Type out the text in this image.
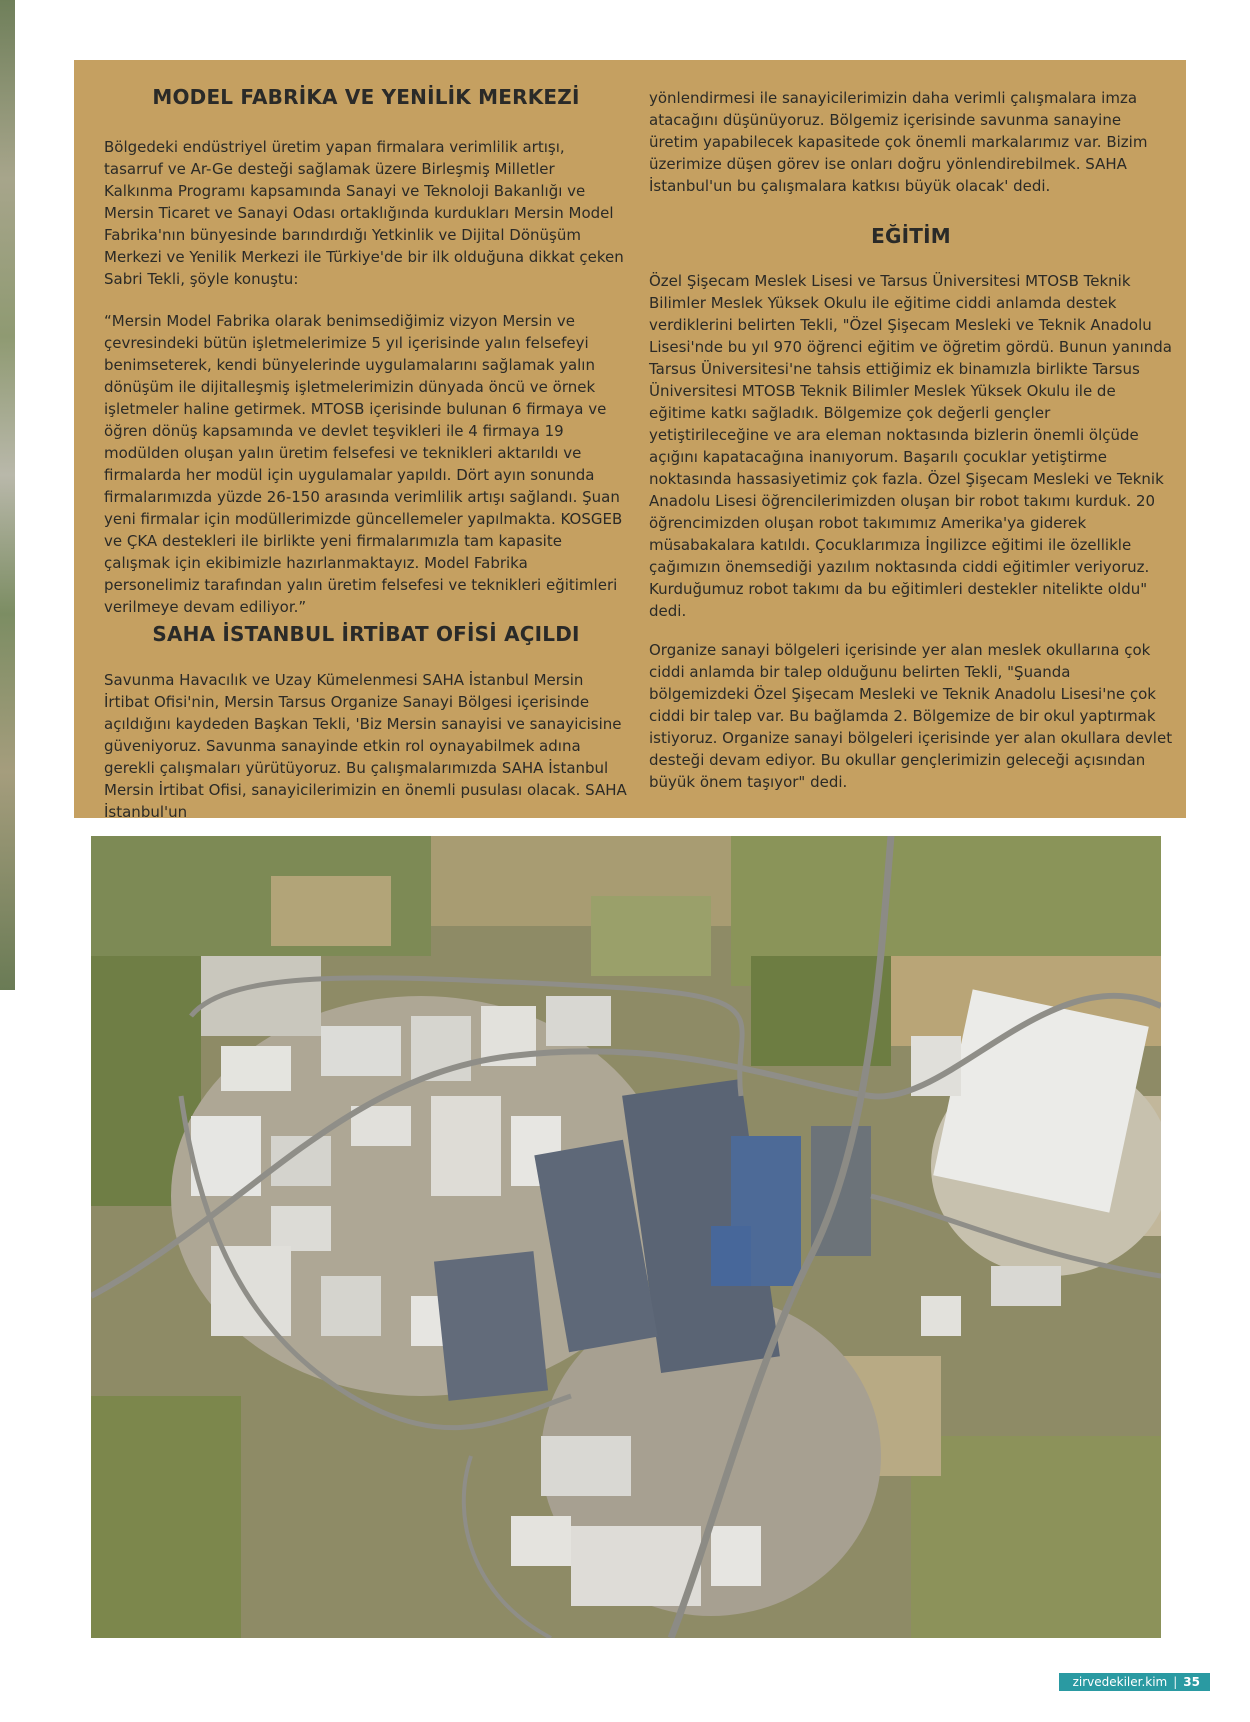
MODEL FABRİKA VE YENİLİK MERKEZİ

Bölgedeki endüstriyel üretim yapan firmalara verimlilik artışı, tasarruf ve Ar-Ge desteği sağlamak üzere Birleşmiş Milletler Kalkınma Programı kapsamında Sanayi ve Teknoloji Bakanlığı ve Mersin Ticaret ve Sanayi Odası ortaklığında kurdukları Mersin Model Fabrika'nın bünyesinde barındırdığı Yetkinlik ve Dijital Dönüşüm Merkezi ve Yenilik Merkezi ile Türkiye'de bir ilk olduğuna dikkat çeken Sabri Tekli, şöyle konuştu:

“Mersin Model Fabrika olarak benimsediğimiz vizyon Mersin ve çevresindeki bütün işletmelerimize 5 yıl içerisinde yalın felsefeyi benimseterek, kendi bünyelerinde uygulamalarını sağlamak yalın dönüşüm ile dijitalleşmiş işletmelerimizin dünyada öncü ve örnek işletmeler haline getirmek. MTOSB içerisinde bulunan 6 firmaya ve öğren dönüş kapsamında ve devlet teşvikleri ile 4 firmaya 19 modülden oluşan yalın üretim felsefesi ve teknikleri aktarıldı ve firmalarda her modül için uygulamalar yapıldı. Dört ayın sonunda firmalarımızda yüzde 26-150 arasında verimlilik artışı sağlandı. Şuan yeni firmalar için modüllerimizde güncellemeler yapılmakta. KOSGEB ve ÇKA destekleri ile birlikte yeni firmalarımızla tam kapasite çalışmak için ekibimizle hazırlanmaktayız. Model Fabrika personelimiz tarafından yalın üretim felsefesi ve teknikleri eğitimleri verilmeye devam ediliyor.”

SAHA İSTANBUL İRTİBAT OFİSİ AÇILDI

Savunma Havacılık ve Uzay Kümelenmesi SAHA İstanbul Mersin İrtibat Ofisi'nin, Mersin Tarsus Organize Sanayi Bölgesi içerisinde açıldığını kaydeden Başkan Tekli, 'Biz Mersin sanayisi ve sanayicisine güveniyoruz. Savunma sanayinde etkin rol oynayabilmek adına gerekli çalışmaları yürütüyoruz. Bu çalışmalarımızda SAHA İstanbul Mersin İrtibat Ofisi, sanayicilerimizin en önemli pusulası olacak. SAHA İstanbul'un

yönlendirmesi ile sanayicilerimizin daha verimli çalışmalara imza atacağını düşünüyoruz. Bölgemiz içerisinde savunma sanayine üretim yapabilecek kapasitede çok önemli markalarımız var. Bizim üzerimize düşen görev ise onları doğru yönlendirebilmek. SAHA İstanbul'un bu çalışmalara katkısı büyük olacak' dedi.

EĞİTİM

Özel Şişecam Meslek Lisesi ve Tarsus Üniversitesi MTOSB Teknik Bilimler Meslek Yüksek Okulu ile eğitime ciddi anlamda destek verdiklerini belirten Tekli, "Özel Şişecam Mesleki ve Teknik Anadolu Lisesi'nde bu yıl 970 öğrenci eğitim ve öğretim gördü. Bunun yanında Tarsus Üniversitesi'ne tahsis ettiğimiz ek binamızla birlikte Tarsus Üniversitesi MTOSB Teknik Bilimler Meslek Yüksek Okulu ile de eğitime katkı sağladık. Bölgemize çok değerli gençler yetiştirileceğine ve ara eleman noktasında bizlerin önemli ölçüde açığını kapatacağına inanıyorum. Başarılı çocuklar yetiştirme noktasında hassasiyetimiz çok fazla. Özel Şişecam Mesleki ve Teknik Anadolu Lisesi öğrencilerimizden oluşan bir robot takımı kurduk. 20 öğrencimizden oluşan robot takımımız Amerika'ya giderek müsabakalara katıldı. Çocuklarımıza İngilizce eğitimi ile özellikle çağımızın önemsediği yazılım noktasında ciddi eğitimler veriyoruz. Kurduğumuz robot takımı da bu eğitimleri destekler nitelikte oldu" dedi.

Organize sanayi bölgeleri içerisinde yer alan meslek okullarına çok ciddi anlamda bir talep olduğunu belirten Tekli, "Şuanda bölgemizdeki Özel Şişecam Mesleki ve Teknik Anadolu Lisesi'ne çok ciddi bir talep var. Bu bağlamda 2. Bölgemize de bir okul yaptırmak istiyoruz. Organize sanayi bölgeleri içerisinde yer alan okullara devlet desteği devam ediyor. Bu okullar gençlerimizin geleceği açısından büyük önem taşıyor" dedi.

zirvedekiler.kim | 35
